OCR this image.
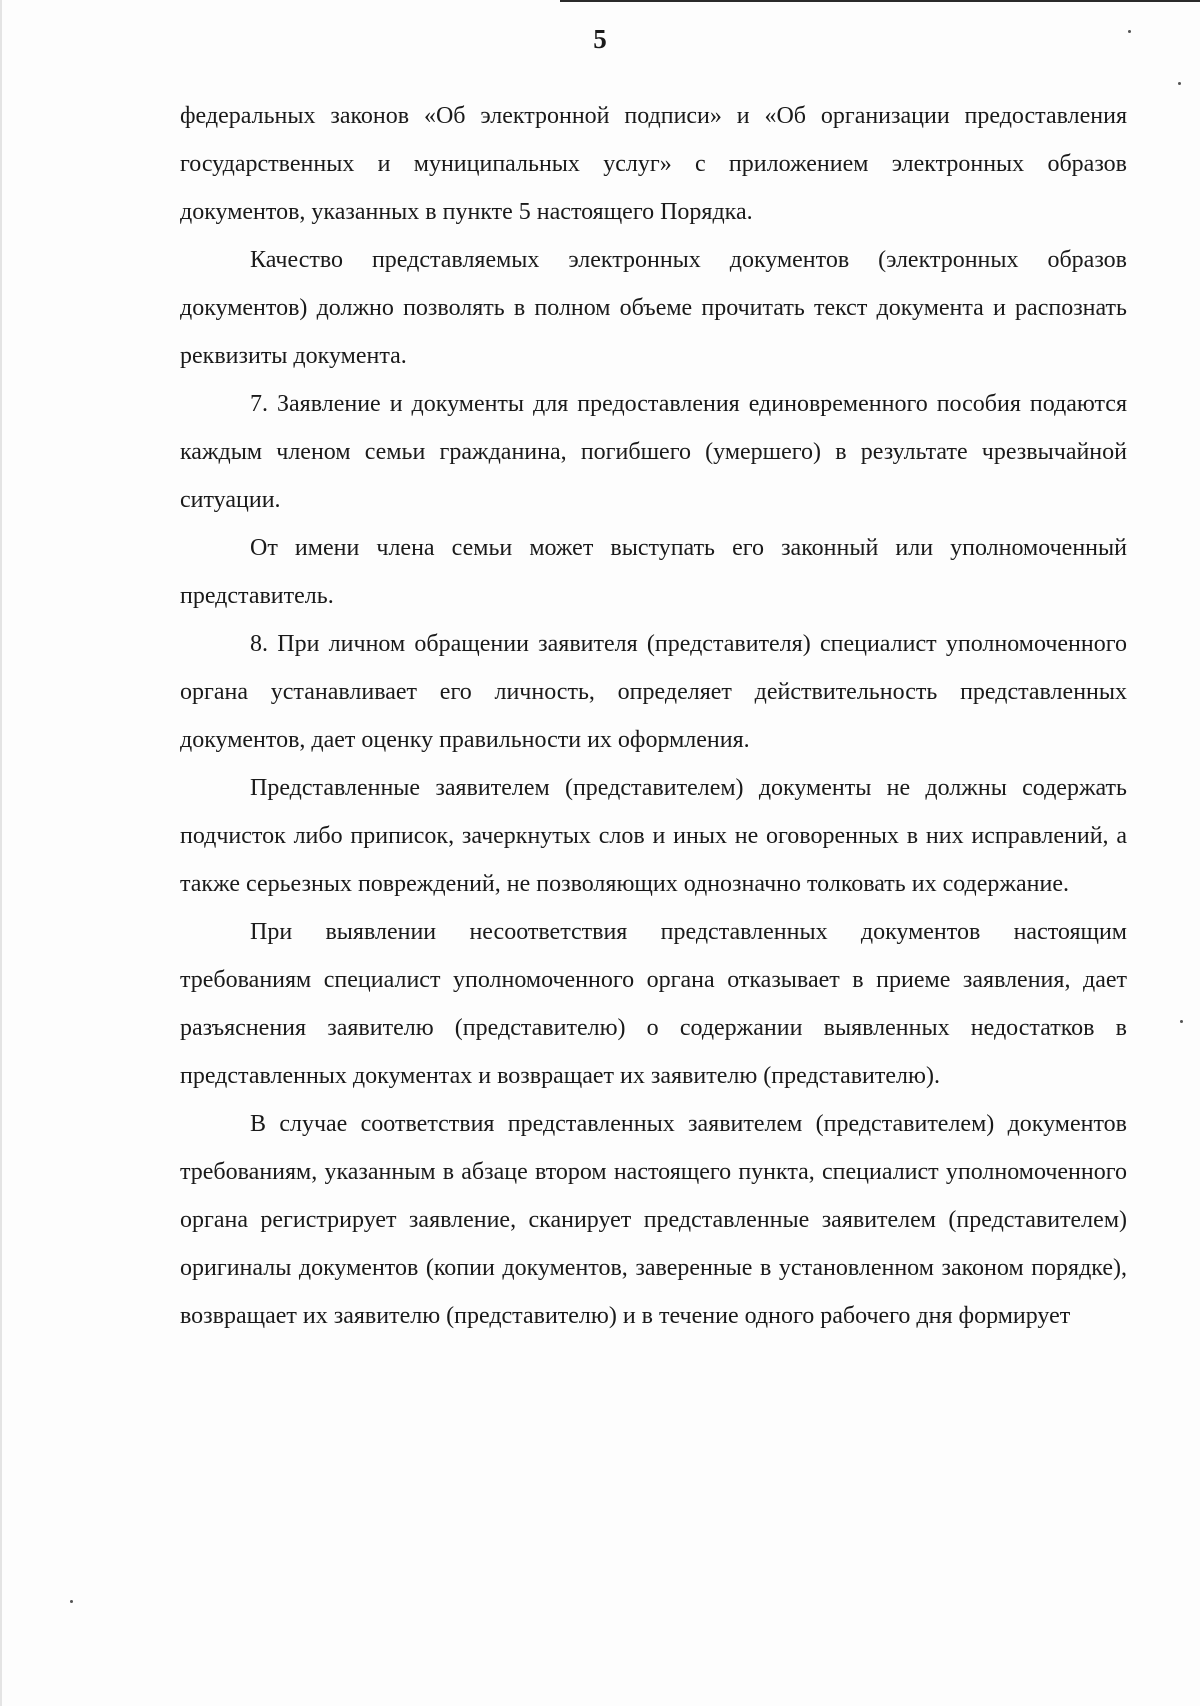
5

федеральных законов «Об электронной подписи» и «Об организации предоставления государственных и муниципальных услуг» с приложением электронных образов документов, указанных в пункте 5 настоящего Порядка.

Качество представляемых электронных документов (электронных образов документов) должно позволять в полном объеме прочитать текст документа и распознать реквизиты документа.

7. Заявление и документы для предоставления единовременного пособия подаются каждым членом семьи гражданина, погибшего (умершего) в результате чрезвычайной ситуации.

От имени члена семьи может выступать его законный или уполномоченный представитель.

8. При личном обращении заявителя (представителя) специалист уполномоченного органа устанавливает его личность, определяет действительность представленных документов, дает оценку правильности их оформления.

Представленные заявителем (представителем) документы не должны содержать подчисток либо приписок, зачеркнутых слов и иных не оговоренных в них исправлений, а также серьезных повреждений, не позволяющих однозначно толковать их содержание.

При выявлении несоответствия представленных документов настоящим требованиям специалист уполномоченного органа отказывает в приеме заявления, дает разъяснения заявителю (представителю) о содержании выявленных недостатков в представленных документах и возвращает их заявителю (представителю).

В случае соответствия представленных заявителем (представителем) документов требованиям, указанным в абзаце втором настоящего пункта, специалист уполномоченного органа регистрирует заявление, сканирует представленные заявителем (представителем) оригиналы документов (копии документов, заверенные в установленном законом порядке), возвращает их заявителю (представителю) и в течение одного рабочего дня формирует
